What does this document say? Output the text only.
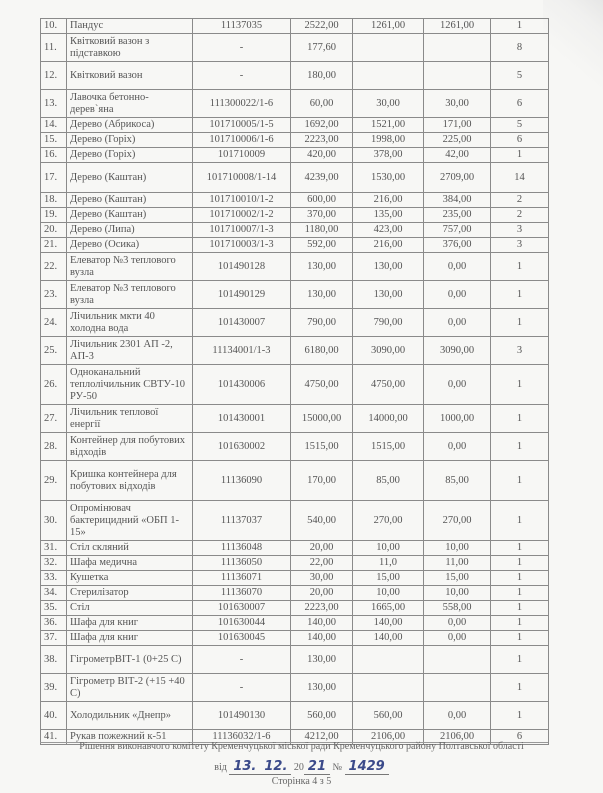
10.	Пандус	11137035	2522,00	1261,00	1261,00	1
11.	Квітковий вазон з підставкою	-	177,60			8
12.	Квітковий вазон	-	180,00			5
13.	Лавочка бетонно-дерев`яна	111300022/1-6	60,00	30,00	30,00	6
14.	Дерево (Абрикоса)	101710005/1-5	1692,00	1521,00	171,00	5
15.	Дерево (Горіх)	101710006/1-6	2223,00	1998,00	225,00	6
16.	Дерево (Горіх)	101710009	420,00	378,00	42,00	1
17.	Дерево (Каштан)	101710008/1-14	4239,00	1530,00	2709,00	14
18.	Дерево (Каштан)	101710010/1-2	600,00	216,00	384,00	2
19.	Дерево (Каштан)	101710002/1-2	370,00	135,00	235,00	2
20.	Дерево (Липа)	101710007/1-3	1180,00	423,00	757,00	3
21.	Дерево (Осика)	101710003/1-3	592,00	216,00	376,00	3
22.	Елеватор №3 теплового вузла	101490128	130,00	130,00	0,00	1
23.	Елеватор №3 теплового вузла	101490129	130,00	130,00	0,00	1
24.	Лічильник мкти 40 холодна вода	101430007	790,00	790,00	0,00	1
25.	Лічильник 2301 АП -2, АП-3	11134001/1-3	6180,00	3090,00	3090,00	3
26.	Одноканальний теплолічильник СВТУ-10 РУ-50	101430006	4750,00	4750,00	0,00	1
27.	Лічильник теплової енергії	101430001	15000,00	14000,00	1000,00	1
28.	Контейнер для побутових відходів	101630002	1515,00	1515,00	0,00	1
29.	Кришка контейнера для побутових відходів	11136090	170,00	85,00	85,00	1
30.	Опромінювач бактерицидний «ОБП 1-15»	11137037	540,00	270,00	270,00	1
31.	Стіл скляний	11136048	20,00	10,00	10,00	1
32.	Шафа медична	11136050	22,00	11,0	11,00	1
33.	Кушетка	11136071	30,00	15,00	15,00	1
34.	Стерилізатор	11136070	20,00	10,00	10,00	1
35.	Стіл	101630007	2223,00	1665,00	558,00	1
36.	Шафа для книг	101630044	140,00	140,00	0,00	1
37.	Шафа для книг	101630045	140,00	140,00	0,00	1
38.	ГігрометрВІТ-1 (0+25 С)	-	130,00			1
39.	Гігрометр ВІТ-2 (+15 +40 С)	-	130,00			1
40.	Холодильник «Днепр»	101490130	560,00	560,00	0,00	1
41.	Рукав пожежний к-51	11136032/1-6	4212,00	2106,00	2106,00	6
Рішення виконавчого комітету Кременчуцької міської ради Кременчуцького району Полтавської області
від 13. 12. 20 21 № 1429
Сторінка 4 з 5
